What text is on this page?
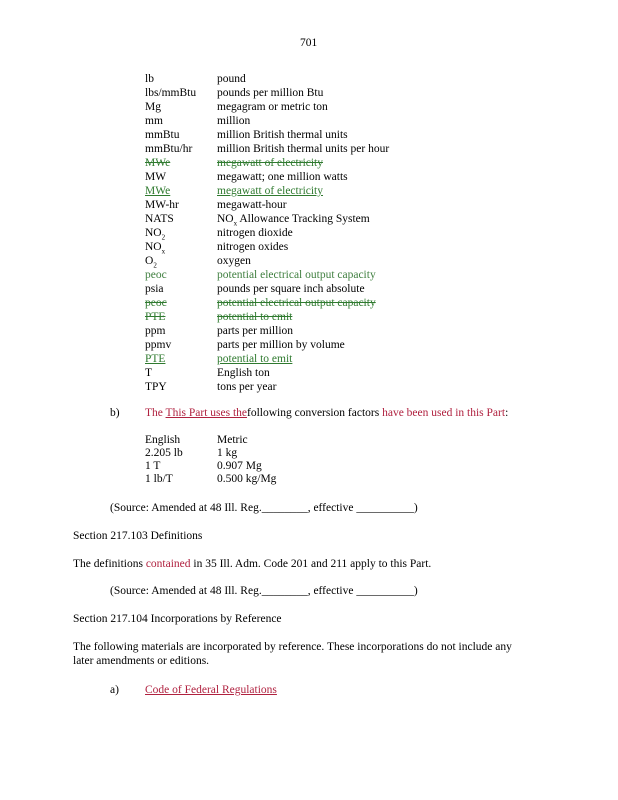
701
lb	pound
lbs/mmBtu pounds per million Btu
Mg	megagram or metric ton
mm	million
mmBtu	million British thermal units
mmBtu/hr million British thermal units per hour
MWe	megawatt of electricity
MW	megawatt; one million watts
MWe	megawatt of electricity
MW-hr	megawatt-hour
NATS	$NO_x$ Allowance Tracking System
$NO_2$	nitrogen dioxide
$NO_x$	nitrogen oxides
$O_2$	oxygen
peoc	potential electrical output capacity
psia	pounds per square inch absolute
peoc	potential electrical output capacity
PTE	potential to emit
ppm	parts per million
ppmv	parts per million by volume
PTE	potential to emit
T	English ton
TPY	tons per year
b) The This Part uses thefollowing conversion factors have been used in this Part:
English	Metric
2.205 lb	1 kg
1 T	0.907 Mg
1 lb/T	0.500 kg/Mg
(Source: Amended at 48 Ill. Reg.________, effective __________)
Section 217.103 Definitions
The definitions contained in 35 Ill. Adm. Code 201 and 211 apply to this Part.
(Source: Amended at 48 Ill. Reg.________, effective __________)
Section 217.104 Incorporations by Reference
The following materials are incorporated by reference. These incorporations do not include any
later amendments or editions.
a) Code of Federal Regulations
